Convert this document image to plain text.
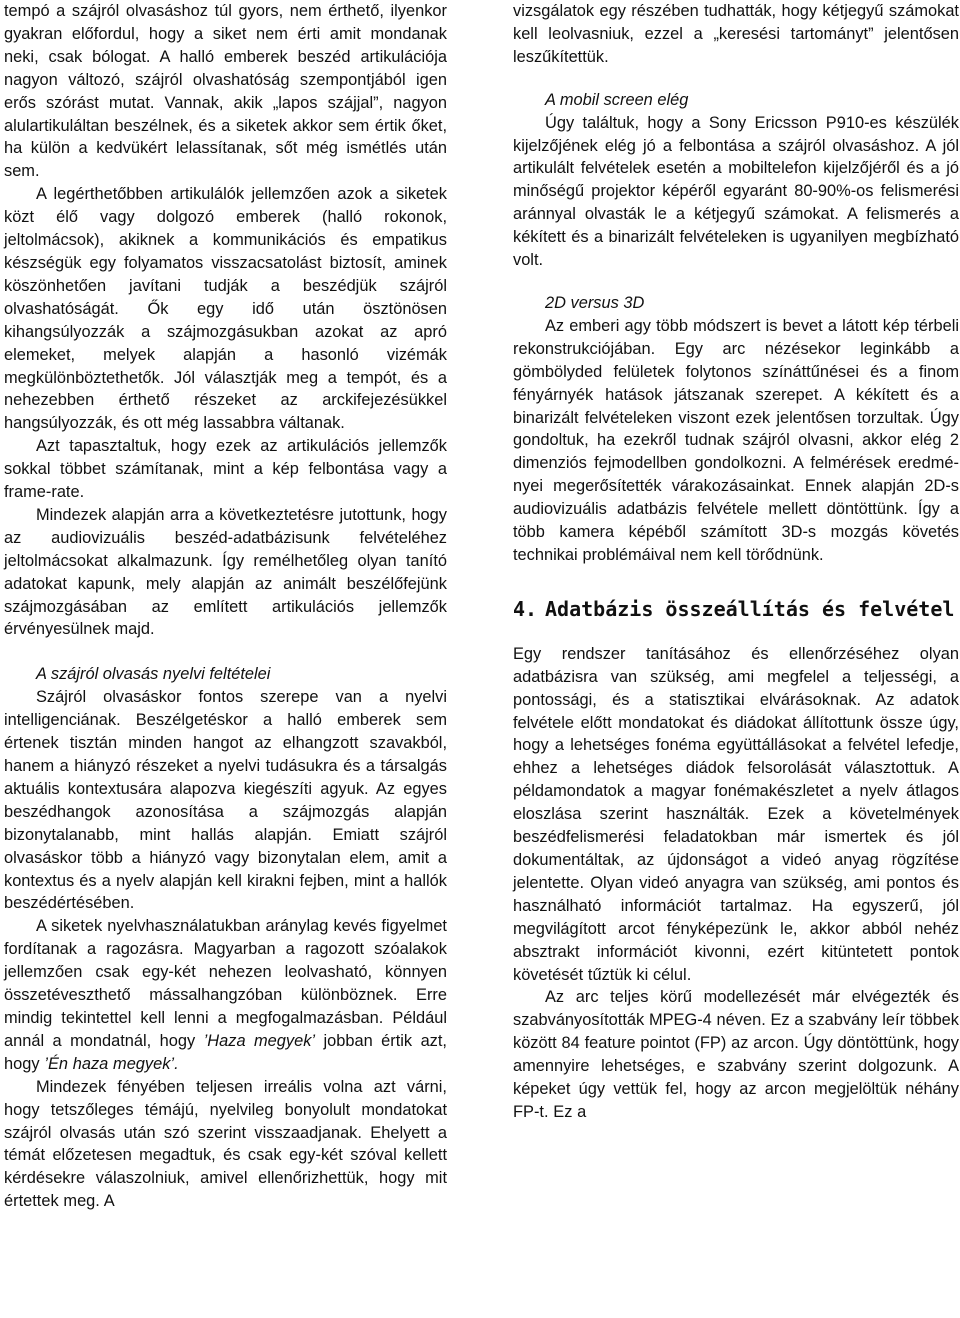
tempó a szájról olvasáshoz túl gyors, nem érthető, ilyenkor gyakran előfordul, hogy a siket nem érti amit mondanak neki, csak bólogat. A halló emberek beszéd artikulációja nagyon változó, szájról olvashatóság szempontjából igen erős szórást mutat. Vannak, akik „lapos szájjal”, nagyon alulartikuláltan beszélnek, és a siketek akkor sem értik őket, ha külön a kedvükért lelassítanak, sőt még ismétlés után sem.

A legérthetőbben artikulálók jellemzően azok a siketek közt élő vagy dolgozó emberek (halló rokonok, jeltolmácsok), akiknek a kommunikációs és empatikus készségük egy folyamatos visszacsatolást biztosít, aminek köszönhetően javítani tudják a beszédjük szájról olvashatóságát. Ők egy idő után ösztönösen kihangsúlyozzák a szájmozgásukban azokat az apró elemeket, melyek alapján a hasonló vizémák megkülönböztethetők. Jól választják meg a tempót, és a nehezebben érthető részeket az arckifejezésükkel hangsúlyozzák, és ott még lassabbra váltanak.

Azt tapasztaltuk, hogy ezek az artikulációs jellemzők sokkal többet számítanak, mint a kép felbontása vagy a frame-rate.

Mindezek alapján arra a következtetésre jutottunk, hogy az audiovizuális beszéd-adatbázisunk felvételéhez jeltolmácsokat alkalmazunk. Így remélhetőleg olyan tanító adatokat kapunk, mely alapján az animált beszélőfejünk szájmozgásában az említett artikulációs jellemzők érvényesülnek majd.

A szájról olvasás nyelvi feltételei

Szájról olvasáskor fontos szerepe van a nyelvi intelligenciának. Beszélgetéskor a halló emberek sem értenek tisztán minden hangot az elhangzott szavakból, hanem a hiányzó részeket a nyelvi tudásukra és a társalgás aktuális kontextusára alapozva kiegészíti agyuk. Az egyes beszédhangok azonosítása a szájmozgás alapján bizonytalanabb, mint hallás alapján. Emiatt szájról olvasáskor több a hiányzó vagy bizonytalan elem, amit a kontextus és a nyelv alapján kell kirakni fejben, mint a hallók beszédértésében.

A siketek nyelvhasználatukban aránylag kevés figyelmet fordítanak a ragozásra. Magyarban a ragozott szóalakok jellemzően csak egy-két nehezen leolvasható, könnyen összetéveszthető mássalhangzóban különböznek. Erre mindig tekintettel kell lenni a megfogalmazásban. Például annál a mondatnál, hogy ’Haza megyek’ jobban értik azt, hogy ’Én haza megyek’.

Mindezek fényében teljesen irreális volna azt várni, hogy tetszőleges témájú, nyelvileg bonyolult mondatokat szájról olvasás után szó szerint visszaadjanak. Ehelyett a témát előzetesen megadtuk, és csak egy-két szóval kellett kérdésekre válaszolniuk, amivel ellenőrizhettük, hogy mit értettek meg. A

vizsgálatok egy részében tudhatták, hogy kétjegyű számokat kell leolvasniuk, ezzel a „keresési tartományt” jelentősen leszűkítettük.

A mobil screen elég

Úgy találtuk, hogy a Sony Ericsson P910-es készülék kijelzőjének elég jó a felbontása a szájról olvasáshoz. A jól artikulált felvételek esetén a mobiltelefon kijelzőjéről és a jó minőségű projektor képéről egyaránt 80-90%-os felismerési aránnyal olvasták le a kétjegyű számokat. A felismerés a kékített és a binarizált felvételeken is ugyanilyen megbízható volt.

2D versus 3D

Az emberi agy több módszert is bevet a látott kép térbeli rekonstrukciójában. Egy arc nézésekor leginkább a gömbölyded felületek folytonos színáttűnései és a finom fényárnyék hatások játszanak szerepet. A kékített és a binarizált felvételeken viszont ezek jelentősen torzultak. Úgy gondoltuk, ha ezekről tudnak szájról olvasni, akkor elég 2 dimenziós fejmodellben gondolkozni. A felmérések eredményei megerősítették várakozásainkat. Ennek alapján 2D-s audiovizuális adatbázis felvétele mellett döntöttünk. Így a több kamera képéből számított 3D-s mozgás követés technikai problémáival nem kell törődnünk.

4. Adatbázis összeállítás és felvétel

Egy rendszer tanításához és ellenőrzéséhez olyan adatbázisra van szükség, ami megfelel a teljességi, a pontossági, és a statisztikai elvárásoknak. Az adatok felvétele előtt mondatokat és diádokat állítottunk össze úgy, hogy a lehetséges fonéma együttállásokat a felvétel lefedje, ehhez a lehetséges diádok felsorolását választottuk. A példamondatok a magyar fonémakészletet a nyelv átlagos eloszlása szerint használták. Ezek a követelmények beszédfelismerési feladatokban már ismertek és jól dokumentáltak, az újdonságot a videó anyag rögzítése jelentette. Olyan videó anyagra van szükség, ami pontos és használható információt tartalmaz. Ha egyszerű, jól megvilágított arcot fényképezünk le, akkor abból nehéz absztrakt információt kivonni, ezért kitüntetett pontok követését tűztük ki célul.

Az arc teljes körű modellezését már elvégezték és szabványosították MPEG-4 néven. Ez a szabvány leír többek között 84 feature pointot (FP) az arcon. Úgy döntöttünk, hogy amennyire lehetséges, e szabvány szerint dolgozunk. A képeket úgy vettük fel, hogy az arcon megjelöltük néhány FP-t. Ez a
